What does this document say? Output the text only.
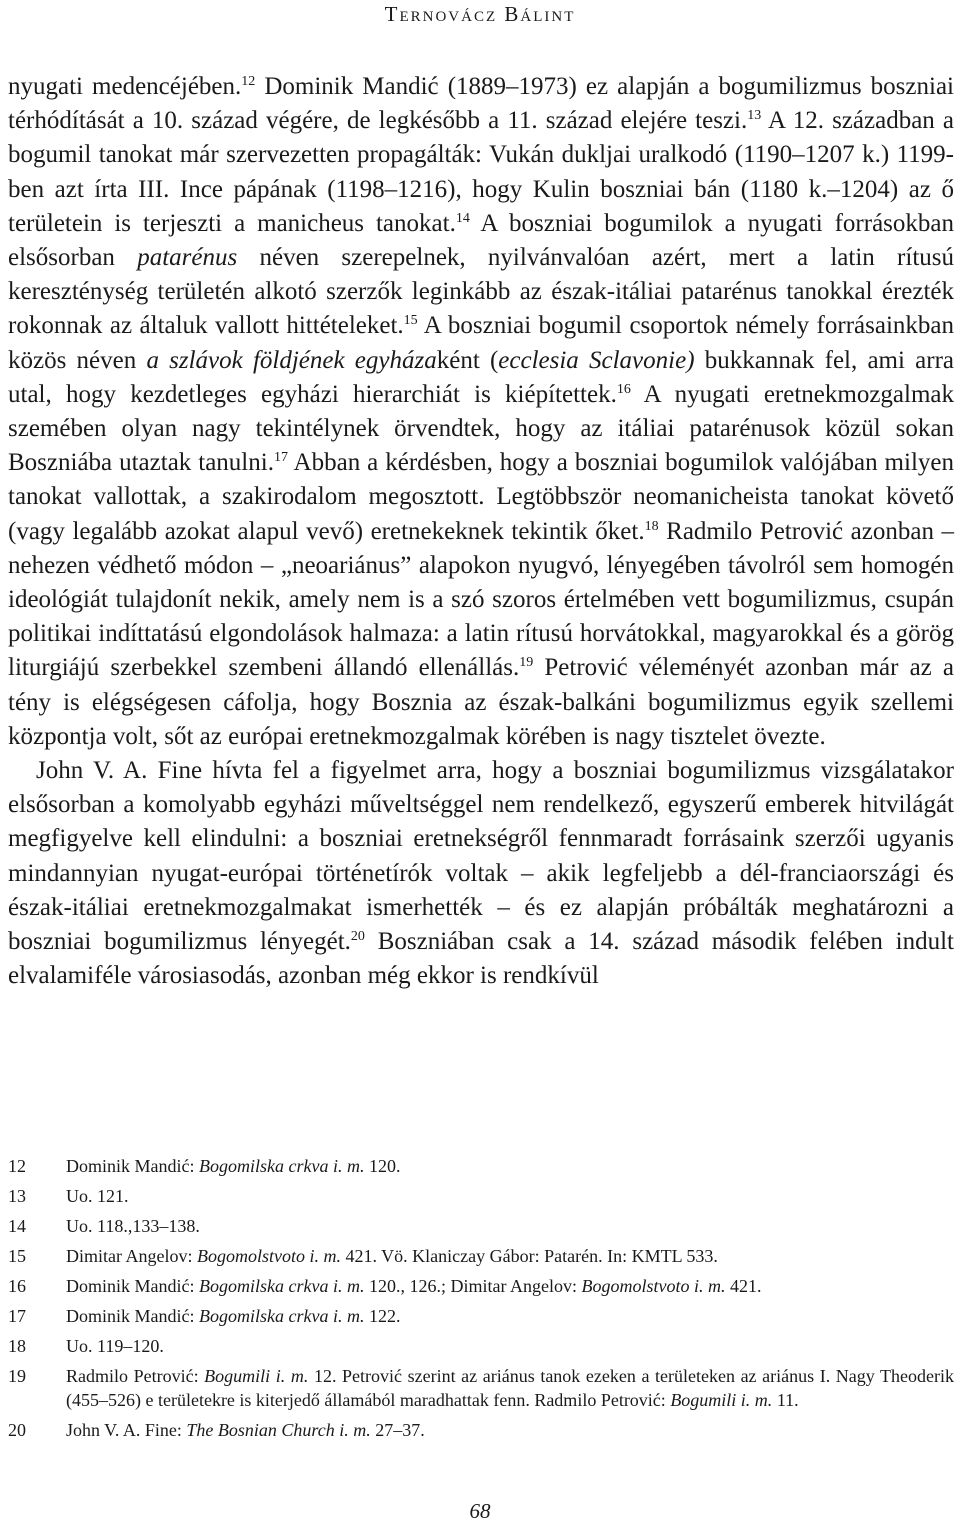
Ternovácz Bálint

nyugati medencéjében.$^{12}$ Dominik Mandić (1889–1973) ez alapján a bogumilizmus boszniai térhódítását a 10. század végére, de legkésőbb a 11. század elejére teszi.$^{13}$ A 12. században a bogumil tanokat már szervezetten propagálták: Vukán dukljai uralkodó (1190–1207 k.) 1199-ben azt írta III. Ince pápának (1198–1216), hogy Kulin boszniai bán (1180 k.–1204) az ő területein is terjeszti a manicheus tanokat.$^{14}$ A boszniai bogumilok a nyugati forrásokban elsősorban patarénus néven szerepelnek, nyilvánvalóan azért, mert a latin rítusú kereszténység területén alkotó szerzők leginkább az észak-itáliai patarénus tanokkal érezték rokonnak az általuk vallott hittételeket.$^{15}$ A boszniai bogumil csoportok némely forrásainkban közös néven a szlávok földjének egyházaként (ecclesia Sclavonie) bukkannak fel, ami arra utal, hogy kezdetleges egyházi hierarchiát is kiépítettek.$^{16}$ A nyugati eretnekmozgalmak szemében olyan nagy tekintélynek örvendtek, hogy az itáliai patarénusok közül sokan Boszniába utaztak tanulni.$^{17}$ Abban a kérdésben, hogy a boszniai bogumilok valójában milyen tanokat vallottak, a szakirodalom megosztott. Legtöbbször neomanicheista tanokat követő (vagy legalább azokat alapul vevő) eretnekeknek tekintik őket.$^{18}$ Radmilo Petrović azonban – nehezen védhető módon – „neoariánus” alapokon nyugvó, lényegében távolról sem homogén ideológiát tulajdonít nekik, amely nem is a szó szoros értelmében vett bogumilizmus, csupán politikai indíttatású elgondolások halmaza: a latin rítusú horvátokkal, magyarokkal és a görög liturgiájú szerbekkel szembeni állandó ellenállás.$^{19}$ Petrović véleményét azonban már az a tény is elégségesen cáfolja, hogy Bosznia az észak-balkáni bogumilizmus egyik szellemi központja volt, sőt az európai eretnekmozgalmak körében is nagy tisztelet övezte.

John V. A. Fine hívta fel a figyelmet arra, hogy a boszniai bogumilizmus vizsgálatakor elsősorban a komolyabb egyházi műveltséggel nem rendelkező, egyszerű emberek hitvilágát megfigyelve kell elindulni: a boszniai eretnekségről fennmaradt forrásaink szerzői ugyanis mindannyian nyugat-európai történetírók voltak – akik legfeljebb a dél-franciaországi és észak-itáliai eretnekmozgalmakat ismerhették – és ez alapján próbálták meghatározni a boszniai bogumilizmus lényegét.$^{20}$ Boszniában csak a 14. század második felében indult elvalamiféle városiasodás, azonban még ekkor is rendkívül

12	Dominik Mandić: Bogomilska crkva i. m. 120.
13	Uo. 121.
14	Uo. 118.,133–138.
15	Dimitar Angelov: Bogomolstvoto i. m. 421. Vö. Klaniczay Gábor: Patarén. In: KMTL 533.
16	Dominik Mandić: Bogomilska crkva i. m. 120., 126.; Dimitar Angelov: Bogomolstvoto i. m. 421.
17	Dominik Mandić: Bogomilska crkva i. m. 122.
18	Uo. 119–120.
19	Radmilo Petrović: Bogumili i. m. 12. Petrović szerint az ariánus tanok ezeken a területeken az ariánus I. Nagy Theoderik (455–526) e területekre is kiterjedő államából maradhattak fenn. Radmilo Petrović: Bogumili i. m. 11.
20	John V. A. Fine: The Bosnian Church i. m. 27–37.
68
